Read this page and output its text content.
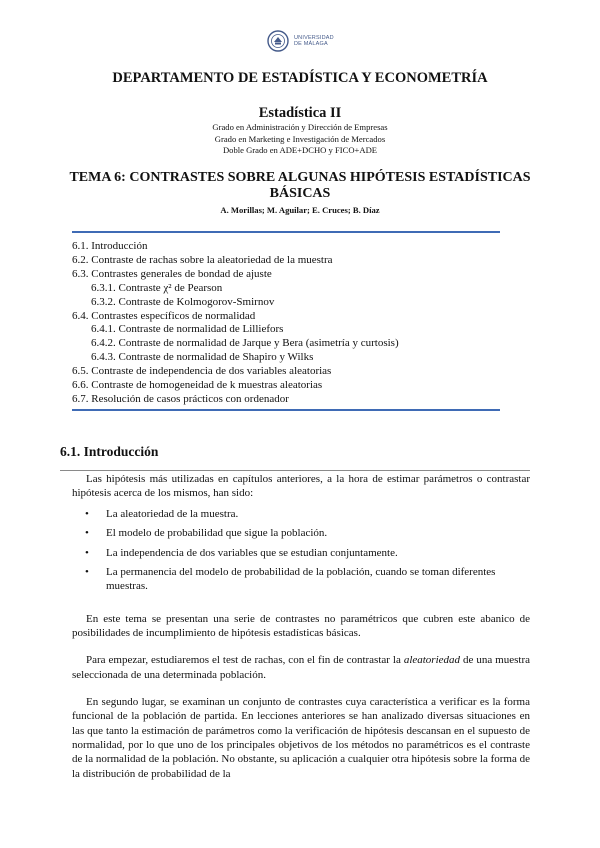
UNIVERSIDAD
DE MÁLAGA
DEPARTAMENTO DE ESTADÍSTICA Y ECONOMETRÍA
Estadística II
Grado en Administración y Dirección de Empresas
Grado en Marketing e Investigación de Mercados
Doble Grado en ADE+DCHO y FICO+ADE
TEMA 6: CONTRASTES SOBRE ALGUNAS HIPÓTESIS ESTADÍSTICAS BÁSICAS
A. Morillas; M. Aguilar; E. Cruces; B. Díaz
6.1. Introducción
6.2. Contraste de rachas sobre la aleatoriedad de la muestra
6.3. Contrastes generales de bondad de ajuste
6.3.1. Contraste χ² de Pearson
6.3.2. Contraste de Kolmogorov-Smirnov
6.4. Contrastes específicos de normalidad
6.4.1. Contraste de normalidad de Lilliefors
6.4.2. Contraste de normalidad de Jarque y Bera (asimetría y curtosis)
6.4.3. Contraste de normalidad de Shapiro y Wilks
6.5. Contraste de independencia de dos variables aleatorias
6.6. Contraste de homogeneidad de k muestras aleatorias
6.7. Resolución de casos prácticos con ordenador
6.1. Introducción

Las hipótesis más utilizadas en capítulos anteriores, a la hora de estimar parámetros o contrastar hipótesis acerca de los mismos, han sido:

• La aleatoriedad de la muestra.
• El modelo de probabilidad que sigue la población.
• La independencia de dos variables que se estudian conjuntamente.
• La permanencia del modelo de probabilidad de la población, cuando se toman diferentes muestras.

En este tema se presentan una serie de contrastes no paramétricos que cubren este abanico de posibilidades de incumplimiento de hipótesis estadísticas básicas.

Para empezar, estudiaremos el test de rachas, con el fin de contrastar la aleatoriedad de una muestra seleccionada de una determinada población.

En segundo lugar, se examinan un conjunto de contrastes cuya característica a verificar es la forma funcional de la población de partida. En lecciones anteriores se han analizado diversas situaciones en las que tanto la estimación de parámetros como la verificación de hipótesis descansan en el supuesto de normalidad, por lo que uno de los principales objetivos de los métodos no paramétricos es el contraste de la normalidad de la población. No obstante, su aplicación a cualquier otra hipótesis sobre la forma de la distribución de probabilidad de la
